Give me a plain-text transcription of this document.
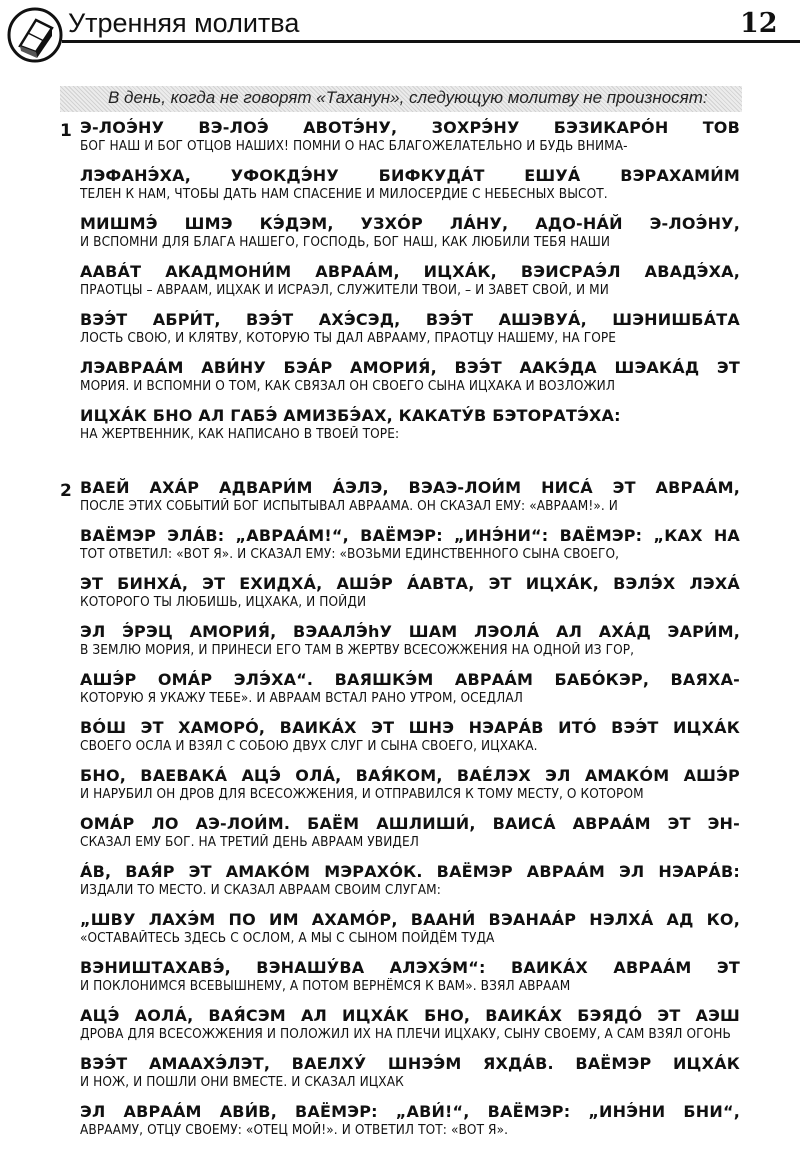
Утренняя молитва	12
В день, когда не говорят «Таханун», следующую молитву не произносят:
1 Э-ЛОЭ́НУ ВЭ-ЛОЭ́ АВОТЭ́НУ, ЗОХРЭ́НУ БЭЗИКАРО́Н ТОВ
БОГ НАШ И БОГ ОТЦОВ НАШИХ! ПОМНИ О НАС БЛАГОЖЕЛАТЕЛЬНО И БУДЬ ВНИМА-
ЛЭФАНЭ́ХА, УФОКДЭ́НУ БИФКУДА́Т ЕШУА́ ВЭРАХАМИ́М
ТЕЛЕН К НАМ, ЧТОБЫ ДАТЬ НАМ СПАСЕНИЕ И МИЛОСЕРДИЕ С НЕБЕСНЫХ ВЫСОТ.
МИШМЭ́ ШМЭ КЭ́ДЭМ, УЗХО́Р ЛА́НУ, АДО-НА́Й Э-ЛОЭ́НУ,
И ВСПОМНИ ДЛЯ БЛАГА НАШЕГО, ГОСПОДЬ, БОГ НАШ, КАК ЛЮБИЛИ ТЕБЯ НАШИ
ААВА́Т АКАДМОНИ́М АВРАА́М, ИЦХА́К, ВЭИСРАЭ́Л АВАДЭ́ХА,
ПРАОТЦЫ – АВРААМ, ИЦХАК И ИСРАЭЛ, СЛУЖИТЕЛИ ТВОИ, – И ЗАВЕТ СВОЙ, И МИ
ВЭЭ́Т АБРИ́Т, ВЭЭ́Т АХЭ́СЭД, ВЭЭ́Т АШЭВУА́, ШЭНИШБА́ТА
ЛОСТЬ СВОЮ, И КЛЯТВУ, КОТОРУЮ ТЫ ДАЛ АВРААМУ, ПРАОТЦУ НАШЕМУ, НА ГОРЕ
ЛЭАВРАА́М АВИ́НУ БЭА́Р АМОРИЯ́, ВЭЭ́Т ААКЭ́ДА ШЭАКА́Д ЭТ
МОРИЯ. И ВСПОМНИ О ТОМ, КАК СВЯЗАЛ ОН СВОЕГО СЫНА ИЦХАКА И ВОЗЛОЖИЛ
ИЦХА́К БНО АЛ ГАБЭ́ АМИЗБЭ́АХ, КАКАТУ́В БЭТОРАТЭ́ХА:
НА ЖЕРТВЕННИК, КАК НАПИСАНО В ТВОЕЙ ТОРЕ:
2 ВАЕЙ АХА́Р АДВАРИ́М А́ЭЛЭ, ВЭАЭ-ЛОИ́М НИСА́ ЭТ АВРАА́М,
ПОСЛЕ ЭТИХ СОБЫТИЙ БОГ ИСПЫТЫВАЛ АВРААМА. ОН СКАЗАЛ ЕМУ: «АВРААМ!». И
ВАЁМЭР ЭЛА́В: „АВРАА́М!“, ВАЁМЭР: „ИНЭ́НИ“: ВАЁМЭР: „КАХ НА
ТОТ ОТВЕТИЛ: «ВОТ Я». И СКАЗАЛ ЕМУ: «ВОЗЬМИ ЕДИНСТВЕННОГО СЫНА СВОЕГО,
ЭТ БИНХА́, ЭТ ЕХИДХА́, АШЭ́Р А́АВТА, ЭТ ИЦХА́К, ВЭЛЭ́Х ЛЭХА́
КОТОРОГО ТЫ ЛЮБИШЬ, ИЦХАКА, И ПОЙДИ
ЭЛ Э́РЭЦ АМОРИЯ́, ВЭААЛЭ́hУ ШАМ ЛЭОЛА́ АЛ АХА́Д ЭАРИ́М,
В ЗЕМЛЮ МОРИЯ, И ПРИНЕСИ ЕГО ТАМ В ЖЕРТВУ ВСЕСОЖЖЕНИЯ НА ОДНОЙ ИЗ ГОР,
АШЭ́Р ОМА́Р ЭЛЭ́ХА“. ВАЯШКЭ́М АВРАА́М БАБО́КЭР, ВАЯХА-
КОТОРУЮ Я УКАЖУ ТЕБЕ». И АВРААМ ВСТАЛ РАНО УТРОМ, ОСЕДЛАЛ
ВО́Ш ЭТ ХАМОРО́, ВАИКА́Х ЭТ ШНЭ НЭАРА́В ИТО́ ВЭЭ́Т ИЦХА́К
СВОЕГО ОСЛА И ВЗЯЛ С СОБОЮ ДВУХ СЛУГ И СЫНА СВОЕГО, ИЦХАКА.
БНО, ВАЕВАКА́ АЦЭ́ ОЛА́, ВАЯ́КОМ, ВАЕ́ЛЭХ ЭЛ АМАКО́М АШЭ́Р
И НАРУБИЛ ОН ДРОВ ДЛЯ ВСЕСОЖЖЕНИЯ, И ОТПРАВИЛСЯ К ТОМУ МЕСТУ, О КОТОРОМ
ОМА́Р ЛО АЭ-ЛОИ́М. БАЁМ АШЛИШИ́, ВАИСА́ АВРАА́М ЭТ ЭН-
СКАЗАЛ ЕМУ БОГ. НА ТРЕТИЙ ДЕНЬ АВРААМ УВИДЕЛ
А́В, ВАЯ́Р ЭТ АМАКО́М МЭРАХО́К. ВАЁМЭР АВРАА́М ЭЛ НЭАРА́В:
ИЗДАЛИ ТО МЕСТО. И СКАЗАЛ АВРААМ СВОИМ СЛУГАМ:
„ШВУ ЛАХЭ́М ПО ИМ АХАМО́Р, ВААНИ́ ВЭАНАА́Р НЭЛХА́ АД КО,
«ОСТАВАЙТЕСЬ ЗДЕСЬ С ОСЛОМ, А МЫ С СЫНОМ ПОЙДЁМ ТУДА
ВЭНИШТАХАВЭ́, ВЭНАШУ́ВА АЛЭХЭ́М“: ВАИКА́Х АВРАА́М ЭТ
И ПОКЛОНИМСЯ ВСЕВЫШНЕМУ, А ПОТОМ ВЕРНЁМСЯ К ВАМ». ВЗЯЛ АВРААМ
АЦЭ́ АОЛА́, ВАЯ́СЭМ АЛ ИЦХА́К БНО, ВАИКА́Х БЭЯДО́ ЭТ АЭШ
ДРОВА ДЛЯ ВСЕСОЖЖЕНИЯ И ПОЛОЖИЛ ИХ НА ПЛЕЧИ ИЦХАКУ, СЫНУ СВОЕМУ, А САМ ВЗЯЛ ОГОНЬ
ВЭЭ́Т АМААХЭ́ЛЭТ, ВАЕЛХУ́ ШНЭЭ́М ЯХДА́В. ВАЁМЭР ИЦХА́К
И НОЖ, И ПОШЛИ ОНИ ВМЕСТЕ. И СКАЗАЛ ИЦХАК
ЭЛ АВРАА́М АВИ́В, ВАЁМЭР: „АВИ́!“, ВАЁМЭР: „ИНЭ́НИ БНИ“,
АВРААМУ, ОТЦУ СВОЕМУ: «ОТЕЦ МОЙ!». И ОТВЕТИЛ ТОТ: «ВОТ Я».
